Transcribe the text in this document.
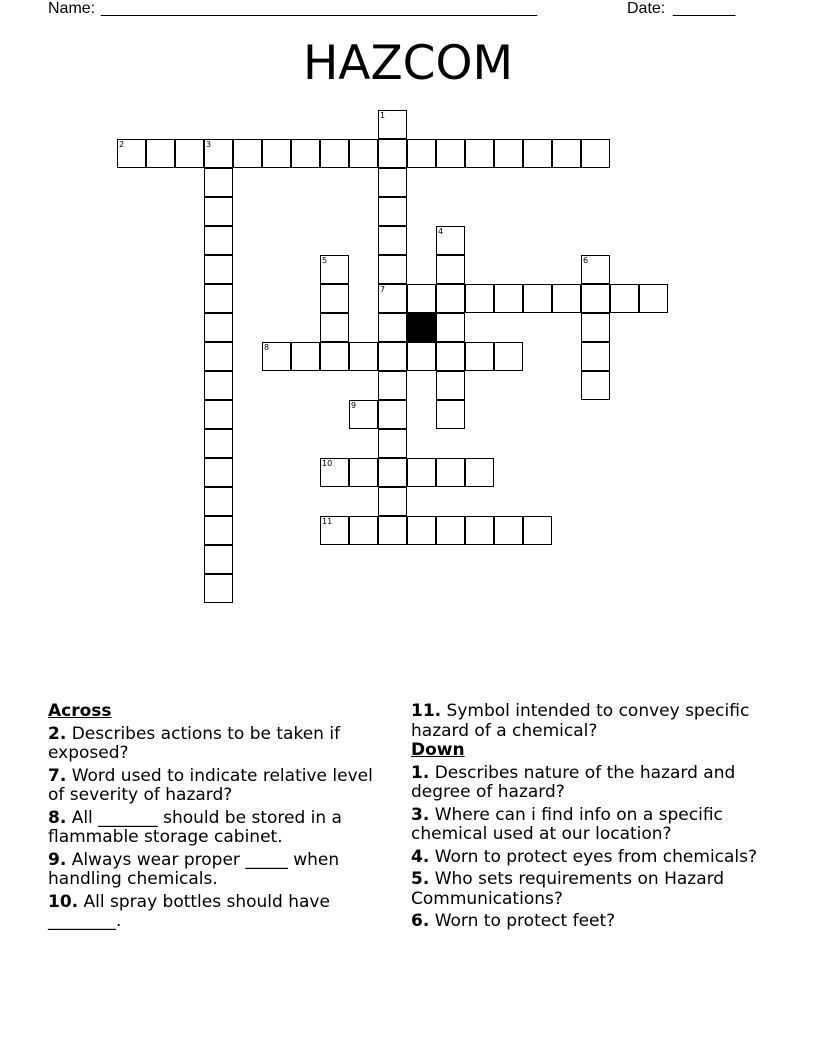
Name: _________________________________________________	Date: _______
HAZCOM
1
2	3
4
5	6
7
8
9
10
11
Across
2. Describes actions to be taken if exposed?
7. Word used to indicate relative level of severity of hazard?
8. All _______ should be stored in a flammable storage cabinet.
9. Always wear proper _____ when handling chemicals.
10. All spray bottles should have ________.
11. Symbol intended to convey specific hazard of a chemical?
Down
1. Describes nature of the hazard and degree of hazard?
3. Where can i find info on a specific chemical used at our location?
4. Worn to protect eyes from chemicals?
5. Who sets requirements on Hazard Communications?
6. Worn to protect feet?
